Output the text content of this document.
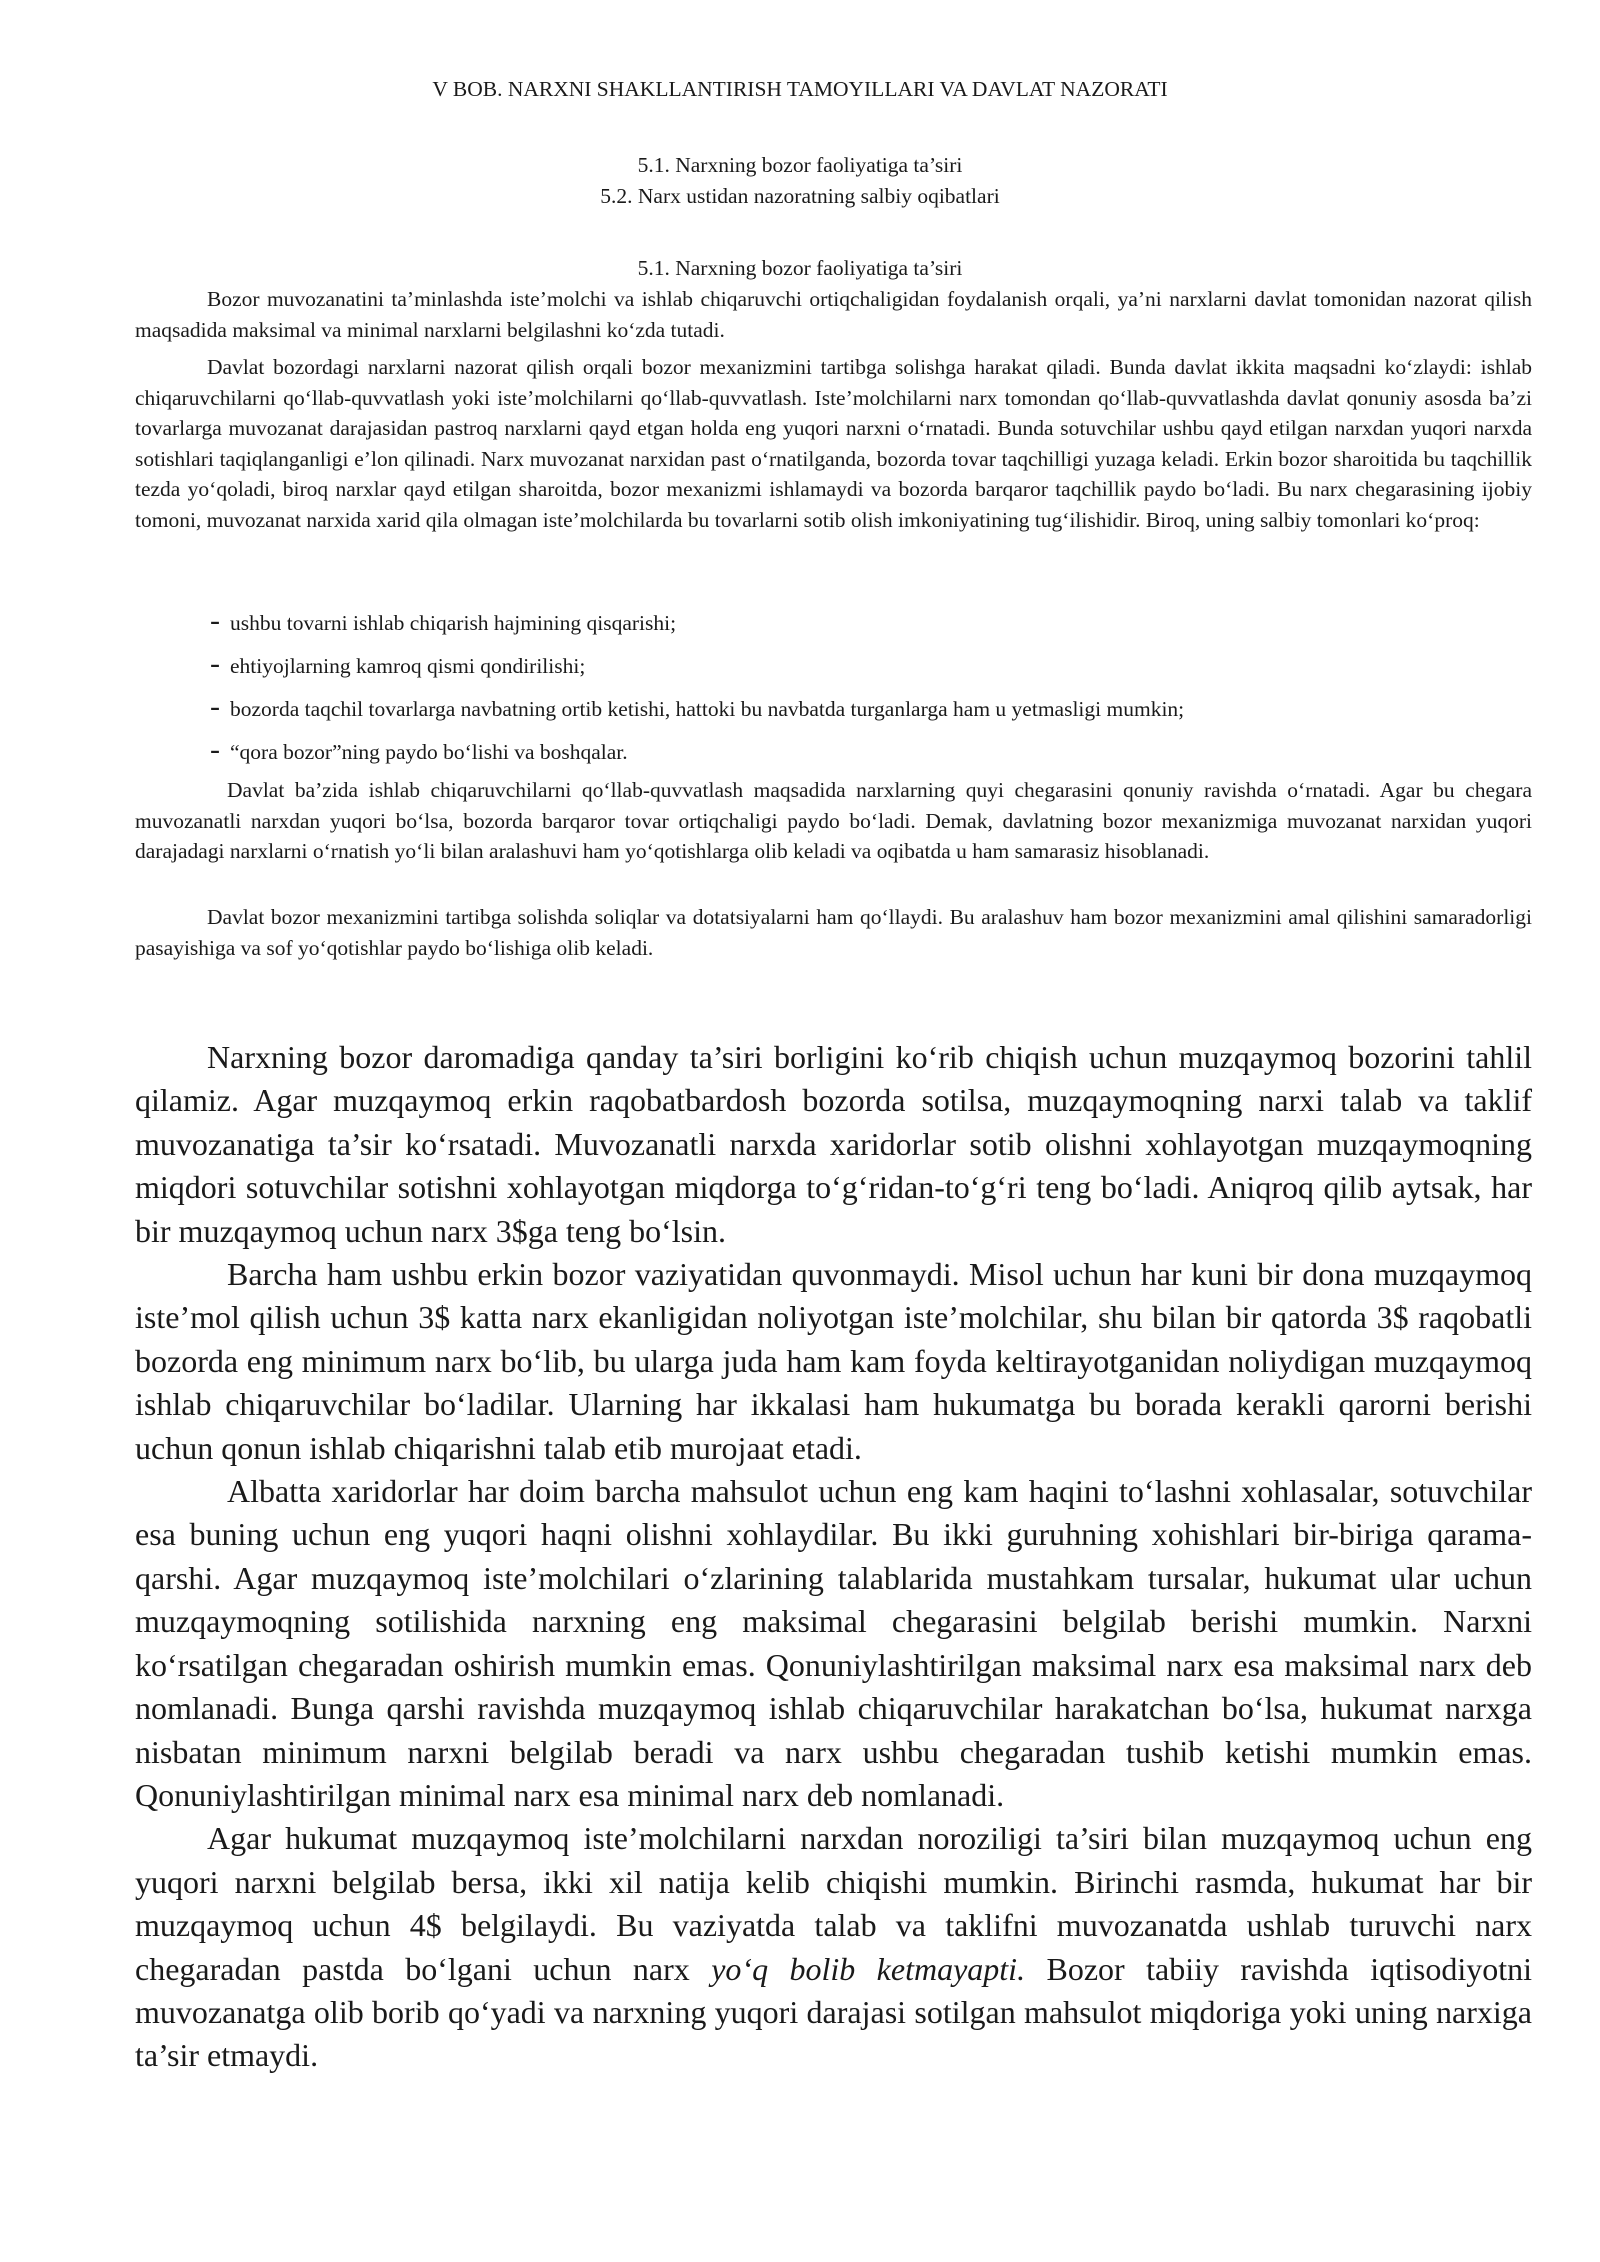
V BOB. NARXNI SHAKLLANTIRISH TAMOYILLARI VA DAVLAT NAZORATI
5.1. Narxning bozor faoliyatiga ta’siri
5.2. Narx ustidan nazoratning salbiy oqibatlari
5.1. Narxning bozor faoliyatiga ta’siri

Bozor muvozanatini ta’minlashda iste’molchi va ishlab chiqaruvchi ortiqchaligidan foydalanish orqali, ya’ni narxlarni davlat tomonidan nazorat qilish maqsadida maksimal va minimal narxlarni belgilashni ko‘zda tutadi.

Davlat bozordagi narxlarni nazorat qilish orqali bozor mexanizmini tartibga solishga harakat qiladi. Bunda davlat ikkita maqsadni ko‘zlaydi: ishlab chiqaruvchilarni qo‘llab-quvvatlash yoki iste’molchilarni qo‘llab-quvvatlash. Iste’molchilarni narx tomondan qo‘llab-quvvatlashda davlat qonuniy asosda ba’zi tovarlarga muvozanat darajasidan pastroq narxlarni qayd etgan holda eng yuqori narxni o‘rnatadi. Bunda sotuvchilar ushbu qayd etilgan narxdan yuqori narxda sotishlari taqiqlanganligi e’lon qilinadi. Narx muvozanat narxidan past o‘rnatilganda, bozorda tovar taqchilligi yuzaga keladi. Erkin bozor sharoitida bu taqchillik tezda yo‘qoladi, biroq narxlar qayd etilgan sharoitda, bozor mexanizmi ishlamaydi va bozorda barqaror taqchillik paydo bo‘ladi. Bu narx chegarasining ijobiy tomoni, muvozanat narxida xarid qila olmagan iste’molchilarda bu tovarlarni sotib olish imkoniyatining tug‘ilishidir. Biroq, uning salbiy tomonlari ko‘proq:

- ushbu tovarni ishlab chiqarish hajmining qisqarishi;
- ehtiyojlarning kamroq qismi qondirilishi;
- bozorda taqchil tovarlarga navbatning ortib ketishi, hattoki bu navbatda turganlarga ham u yetmasligi mumkin;
- “qora bozor”ning paydo bo‘lishi va boshqalar.

Davlat ba’zida ishlab chiqaruvchilarni qo‘llab-quvvatlash maqsadida narxlarning quyi chegarasini qonuniy ravishda o‘rnatadi. Agar bu chegara muvozanatli narxdan yuqori bo‘lsa, bozorda barqaror tovar ortiqchaligi paydo bo‘ladi. Demak, davlatning bozor mexanizmiga muvozanat narxidan yuqori darajadagi narxlarni o‘rnatish yo‘li bilan aralashuvi ham yo‘qotishlarga olib keladi va oqibatda u ham samarasiz hisoblanadi.

Davlat bozor mexanizmini tartibga solishda soliqlar va dotatsiyalarni ham qo‘llaydi. Bu aralashuv ham bozor mexanizmini amal qilishini samaradorligi pasayishiga va sof yo‘qotishlar paydo bo‘lishiga olib keladi.

Narxning bozor daromadiga qanday ta’siri borligini ko‘rib chiqish uchun muzqaymoq bozorini tahlil qilamiz. Agar muzqaymoq erkin raqobatbardosh bozorda sotilsa, muzqaymoqning narxi talab va taklif muvozanatiga ta’sir ko‘rsatadi. Muvozanatli narxda xaridorlar sotib olishni xohlayotgan muzqaymoqning miqdori sotuvchilar sotishni xohlayotgan miqdorga to‘g‘ridan-to‘g‘ri teng bo‘ladi. Aniqroq qilib aytsak, har bir muzqaymoq uchun narx 3$ga teng bo‘lsin.

Barcha ham ushbu erkin bozor vaziyatidan quvonmaydi. Misol uchun har kuni bir dona muzqaymoq iste’mol qilish uchun 3$ katta narx ekanligidan noliyotgan iste’molchilar, shu bilan bir qatorda 3$ raqobatli bozorda eng minimum narx bo‘lib, bu ularga juda ham kam foyda keltirayotganidan noliydigan muzqaymoq ishlab chiqaruvchilar bo‘ladilar. Ularning har ikkalasi ham hukumatga bu borada kerakli qarorni berishi uchun qonun ishlab chiqarishni talab etib murojaat etadi.

Albatta xaridorlar har doim barcha mahsulot uchun eng kam haqini to‘lashni xohlasalar, sotuvchilar esa buning uchun eng yuqori haqni olishni xohlaydilar. Bu ikki guruhning xohishlari bir-biriga qarama-qarshi. Agar muzqaymoq iste’molchilari o‘zlarining talablarida mustahkam tursalar, hukumat ular uchun muzqaymoqning sotilishida narxning eng maksimal chegarasini belgilab berishi mumkin. Narxni ko‘rsatilgan chegaradan oshirish mumkin emas. Qonuniylashtirilgan maksimal narx esa maksimal narx deb nomlanadi. Bunga qarshi ravishda muzqaymoq ishlab chiqaruvchilar harakatchan bo‘lsa, hukumat narxga nisbatan minimum narxni belgilab beradi va narx ushbu chegaradan tushib ketishi mumkin emas. Qonuniylashtirilgan minimal narx esa minimal narx deb nomlanadi.

Agar hukumat muzqaymoq iste’molchilarni narxdan noroziligi ta’siri bilan muzqaymoq uchun eng yuqori narxni belgilab bersa, ikki xil natija kelib chiqishi mumkin. Birinchi rasmda, hukumat har bir muzqaymoq uchun 4$ belgilaydi. Bu vaziyatda talab va taklifni muvozanatda ushlab turuvchi narx chegaradan pastda bo‘lgani uchun narx yo‘q bolib ketmayapti. Bozor tabiiy ravishda iqtisodiyotni muvozanatga olib borib qo‘yadi va narxning yuqori darajasi sotilgan mahsulot miqdoriga yoki uning narxiga ta’sir etmaydi.
